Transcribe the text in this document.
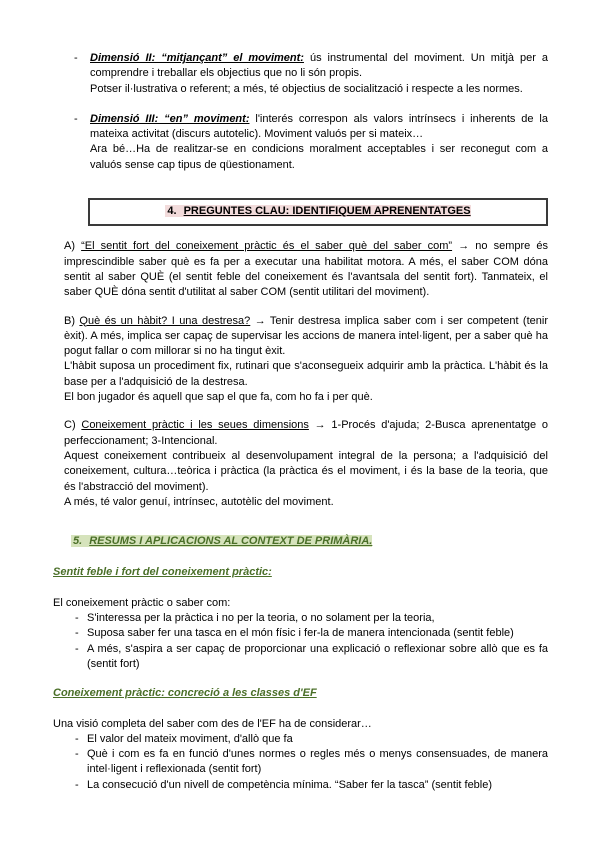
-	Dimensió II: “mitjançant” el moviment: ús instrumental del moviment. Un mitjà per a comprendre i treballar els objectius que no li són propis.

Potser il·lustrativa o referent; a més, té objectius de socialització i respecte a les normes.

-	Dimensió III: “en” moviment: l'interés correspon als valors intrínsecs i inherents de la mateixa activitat (discurs autotelic). Moviment valuós per si mateix…

Ara bé…Ha de realitzar-se en condicions moralment acceptables i ser reconegut com a valuós sense cap tipus de qüestionament.

4. PREGUNTES CLAU: IDENTIFIQUEM APRENENTATGES

A) “El sentit fort del coneixement pràctic és el saber què del saber com” → no sempre és imprescindible saber què es fa per a executar una habilitat motora. A més, el saber COM dóna sentit al saber QUÈ (el sentit feble del coneixement és l'avantsala del sentit fort). Tanmateix, el saber QUÈ dóna sentit d'utilitat al saber COM (sentit utilitari del moviment).

B) Què és un hàbit? I una destresa? → Tenir destresa implica saber com i ser competent (tenir èxit). A més, implica ser capaç de supervisar les accions de manera intel·ligent, per a saber què ha pogut fallar o com millorar si no ha tingut èxit.

L'hàbit suposa un procediment fix, rutinari que s'aconsegueix adquirir amb la pràctica. L'hàbit és la base per a l'adquisició de la destresa.

El bon jugador és aquell que sap el que fa, com ho fa i per què.

C) Coneixement pràctic i les seues dimensions → 1-Procés d'ajuda; 2-Busca aprenentatge o perfeccionament; 3-Intencional.

Aquest coneixement contribueix al desenvolupament integral de la persona; a l'adquisició del coneixement, cultura…teòrica i pràctica (la pràctica és el moviment, i és la base de la teoria, que és l'abstracció del moviment).

A més, té valor genuí, intrínsec, autotèlic del moviment.

5. RESUMS I APLICACIONS AL CONTEXT DE PRIMÀRIA.

Sentit feble i fort del coneixement pràctic:

El coneixement pràctic o saber com:

- S'interessa per la pràctica i no per la teoria, o no solament per la teoria,

- Suposa saber fer una tasca en el món físic i fer-la de manera intencionada (sentit feble)

- A més, s'aspira a ser capaç de proporcionar una explicació o reflexionar sobre allò que es fa (sentit fort)

Coneixement pràctic: concreció a les classes d'EF

Una visió completa del saber com des de l'EF ha de considerar…

- El valor del mateix moviment, d'allò que fa

- Què i com es fa en funció d'unes normes o regles més o menys consensuades, de manera intel·ligent i reflexionada (sentit fort)

- La consecució d'un nivell de competència mínima. “Saber fer la tasca” (sentit feble)
